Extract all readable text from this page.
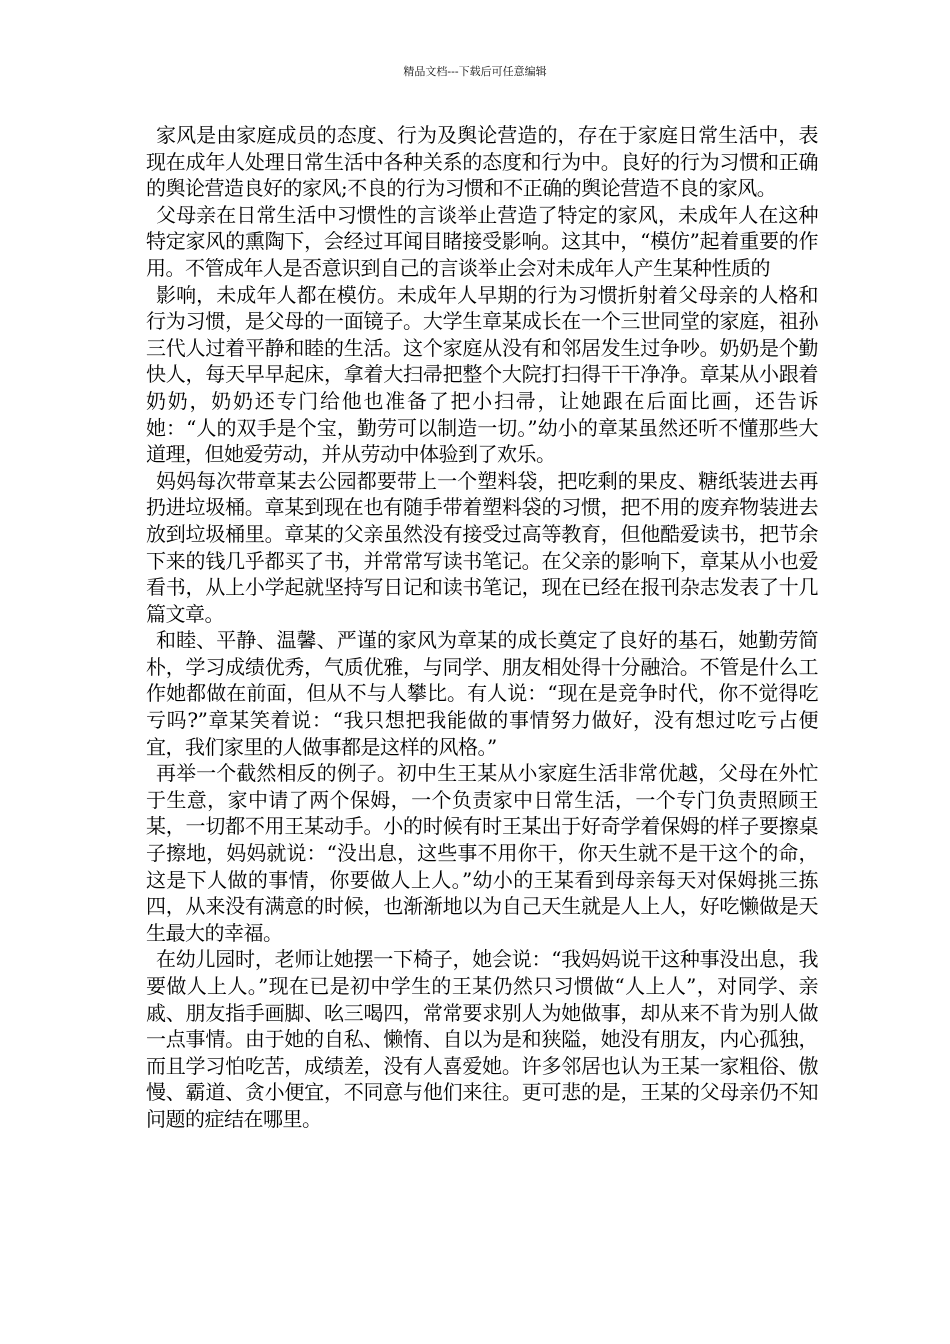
精品文档---下载后可任意编辑

家风是由家庭成员的态度、行为及舆论营造的，存在于家庭日常生活中，表现在成年人处理日常生活中各种关系的态度和行为中。良好的行为习惯和正确的舆论营造良好的家风;不良的行为习惯和不正确的舆论营造不良的家风。

父母亲在日常生活中习惯性的言谈举止营造了特定的家风，未成年人在这种特定家风的熏陶下，会经过耳闻目睹接受影响。这其中，“模仿”起着重要的作用。不管成年人是否意识到自己的言谈举止会对未成年人产生某种性质的

影响，未成年人都在模仿。未成年人早期的行为习惯折射着父母亲的人格和行为习惯，是父母的一面镜子。大学生章某成长在一个三世同堂的家庭，祖孙三代人过着平静和睦的生活。这个家庭从没有和邻居发生过争吵。奶奶是个勤快人，每天早早起床，拿着大扫帚把整个大院打扫得干干净净。章某从小跟着奶奶，奶奶还专门给他也准备了把小扫帚，让她跟在后面比画，还告诉她：“人的双手是个宝，勤劳可以制造一切。”幼小的章某虽然还听不懂那些大道理，但她爱劳动，并从劳动中体验到了欢乐。

妈妈每次带章某去公园都要带上一个塑料袋，把吃剩的果皮、糖纸装进去再扔进垃圾桶。章某到现在也有随手带着塑料袋的习惯，把不用的废弃物装进去放到垃圾桶里。章某的父亲虽然没有接受过高等教育，但他酷爱读书，把节余下来的钱几乎都买了书，并常常写读书笔记。在父亲的影响下，章某从小也爱看书，从上小学起就坚持写日记和读书笔记，现在已经在报刊杂志发表了十几篇文章。

和睦、平静、温馨、严谨的家风为章某的成长奠定了良好的基石，她勤劳简朴，学习成绩优秀，气质优雅，与同学、朋友相处得十分融洽。不管是什么工作她都做在前面，但从不与人攀比。有人说：“现在是竞争时代，你不觉得吃亏吗?”章某笑着说：“我只想把我能做的事情努力做好，没有想过吃亏占便宜，我们家里的人做事都是这样的风格。”

再举一个截然相反的例子。初中生王某从小家庭生活非常优越，父母在外忙于生意，家中请了两个保姆，一个负责家中日常生活，一个专门负责照顾王某，一切都不用王某动手。小的时候有时王某出于好奇学着保姆的样子要擦桌子擦地，妈妈就说：“没出息，这些事不用你干，你天生就不是干这个的命，这是下人做的事情，你要做人上人。”幼小的王某看到母亲每天对保姆挑三拣四，从来没有满意的时候，也渐渐地以为自己天生就是人上人，好吃懒做是天生最大的幸福。

在幼儿园时，老师让她摆一下椅子，她会说：“我妈妈说干这种事没出息，我要做人上人。”现在已是初中学生的王某仍然只习惯做“人上人”，对同学、亲戚、朋友指手画脚、吆三喝四，常常要求别人为她做事，却从来不肯为别人做一点事情。由于她的自私、懒惰、自以为是和狭隘，她没有朋友，内心孤独，而且学习怕吃苦，成绩差，没有人喜爱她。许多邻居也认为王某一家粗俗、傲慢、霸道、贪小便宜，不同意与他们来往。更可悲的是，王某的父母亲仍不知问题的症结在哪里。
